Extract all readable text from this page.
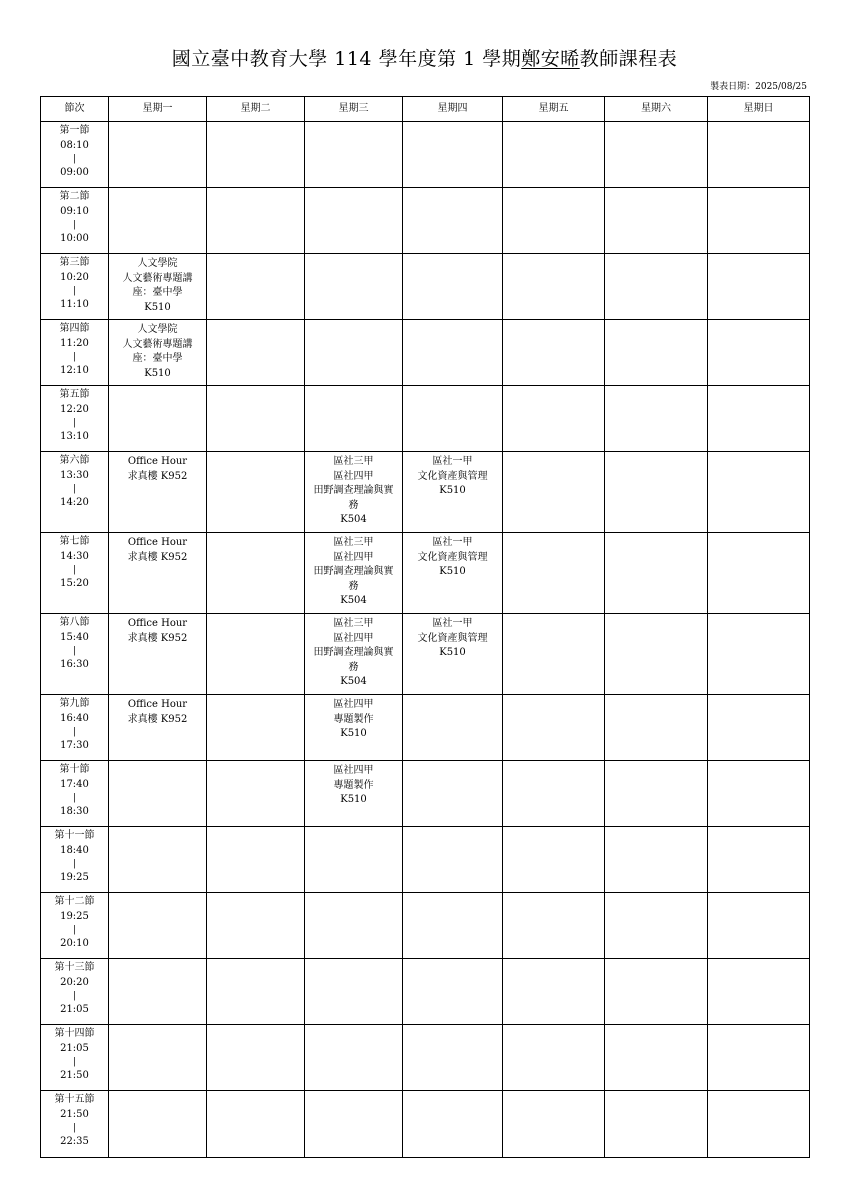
國立臺中教育大學 114 學年度第 1 學期鄭安晞教師課程表
製表日期：2025/08/25
節次	星期一	星期二	星期三	星期四	星期五	星期六	星期日

第一節
08:10
|
09:00							

第二節
09:10
|
10:00							

第三節
10:20
|
11:10	人文學院
人文藝術專題講
座：臺中學
K510						

第四節
11:20
|
12:10	人文學院
人文藝術專題講
座：臺中學
K510						

第五節
12:20
|
13:10							

第六節
13:30
|
14:20	Office Hour
求真樓 K952		區社三甲
區社四甲
田野調查理論與實
務
K504	區社一甲
文化資產與管理
K510			

第七節
14:30
|
15:20	Office Hour
求真樓 K952		區社三甲
區社四甲
田野調查理論與實
務
K504	區社一甲
文化資產與管理
K510			

第八節
15:40
|
16:30	Office Hour
求真樓 K952		區社三甲
區社四甲
田野調查理論與實
務
K504	區社一甲
文化資產與管理
K510			

第九節
16:40
|
17:30	Office Hour
求真樓 K952		區社四甲
專題製作
K510				

第十節
17:40
|
18:30			區社四甲
專題製作
K510				

第十一節
18:40
|
19:25							

第十二節
19:25
|
20:10							

第十三節
20:20
|
21:05							

第十四節
21:05
|
21:50							

第十五節
21:50
|
22:35							
